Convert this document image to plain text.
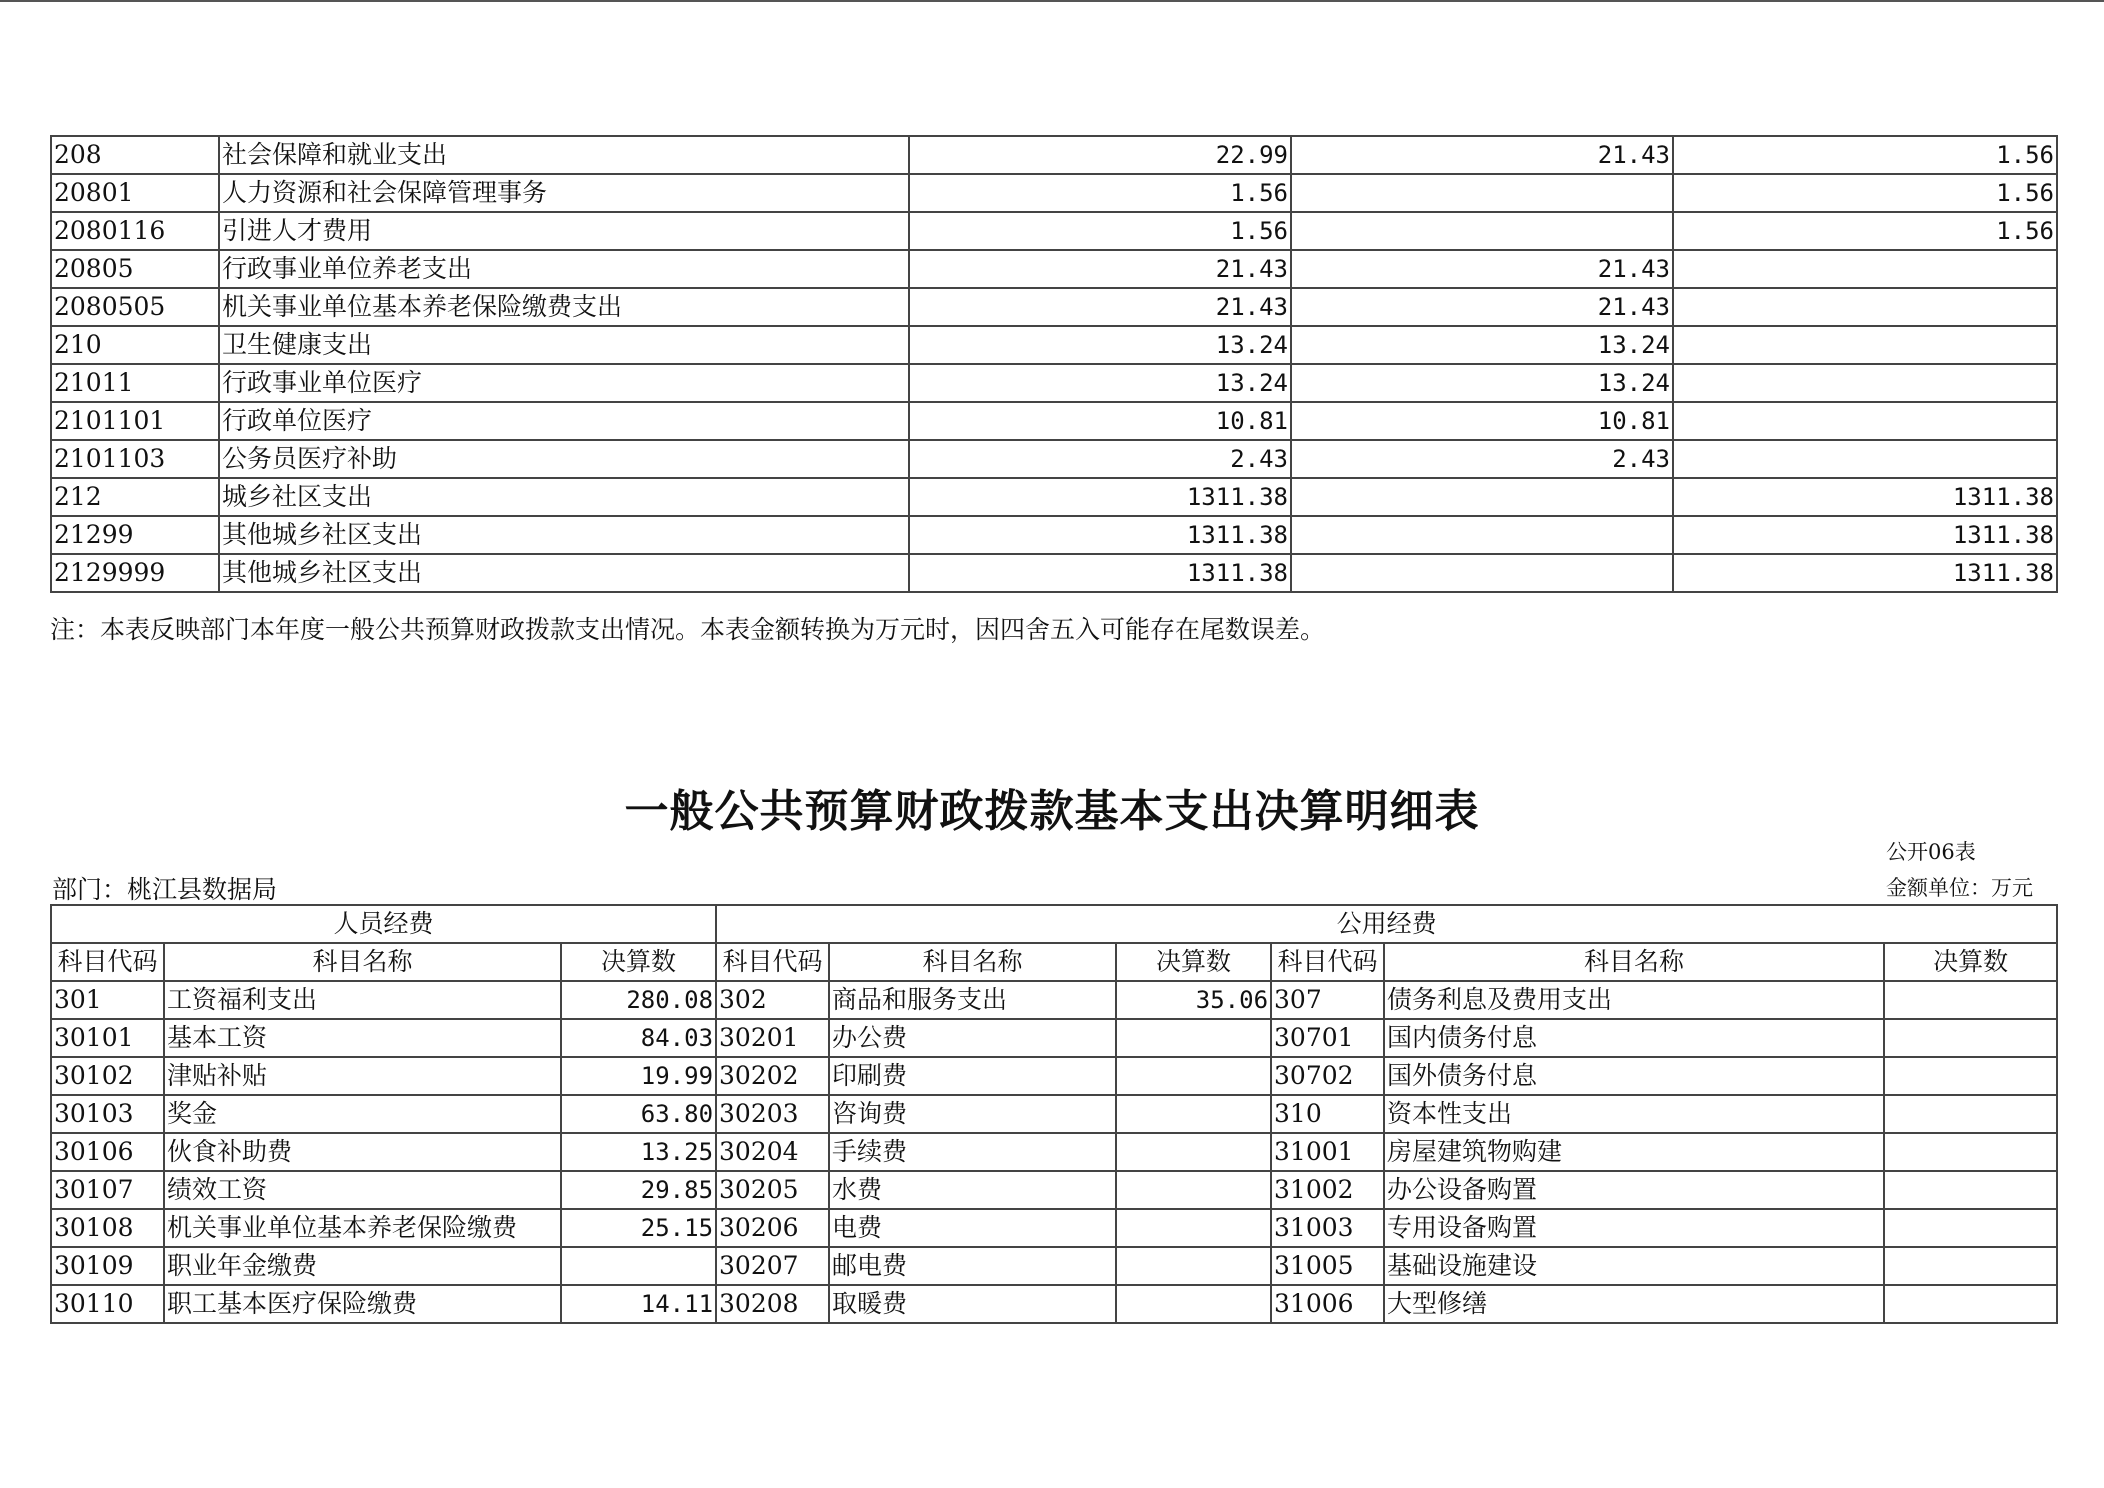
208	社会保障和就业支出	22.99	21.43	1.56
20801	人力资源和社会保障管理事务	1.56		1.56
2080116	引进人才费用	1.56		1.56
20805	行政事业单位养老支出	21.43	21.43	
2080505	机关事业单位基本养老保险缴费支出	21.43	21.43	
210	卫生健康支出	13.24	13.24	
21011	行政事业单位医疗	13.24	13.24	
2101101	行政单位医疗	10.81	10.81	
2101103	公务员医疗补助	2.43	2.43	
212	城乡社区支出	1311.38		1311.38
21299	其他城乡社区支出	1311.38		1311.38
2129999	其他城乡社区支出	1311.38		1311.38
注：本表反映部门本年度一般公共预算财政拨款支出情况。本表金额转换为万元时，因四舍五入可能存在尾数误差。
一般公共预算财政拨款基本支出决算明细表
公开06表
部门：桃江县数据局	金额单位：万元
人员经费			公用经费					
科目代码	科目名称	决算数	科目代码	科目名称	决算数	科目代码	科目名称	决算数
301	工资福利支出	280.08	302	商品和服务支出	35.06	307	债务利息及费用支出	
30101	基本工资	84.03	30201	办公费		30701	国内债务付息	
30102	津贴补贴	19.99	30202	印刷费		30702	国外债务付息	
30103	奖金	63.80	30203	咨询费		310	资本性支出	
30106	伙食补助费	13.25	30204	手续费		31001	房屋建筑物购建	
30107	绩效工资	29.85	30205	水费		31002	办公设备购置	
30108	机关事业单位基本养老保险缴费	25.15	30206	电费		31003	专用设备购置	
30109	职业年金缴费		30207	邮电费		31005	基础设施建设	
30110	职工基本医疗保险缴费	14.11	30208	取暖费		31006	大型修缮	
